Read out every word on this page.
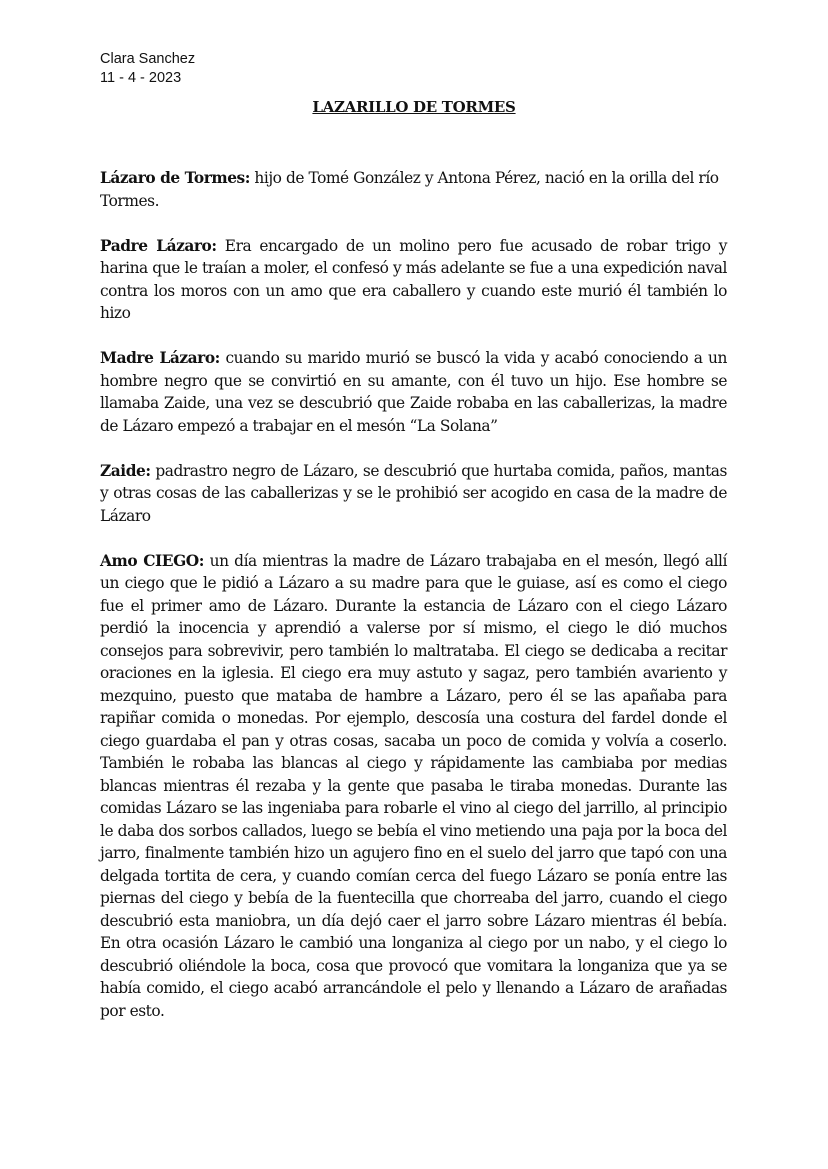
Clara Sanchez
11 - 4 - 2023
LAZARILLO DE TORMES

Lázaro de Tormes: hijo de Tomé González y Antona Pérez, nació en la orilla del río Tormes.

Padre Lázaro: Era encargado de un molino pero fue acusado de robar trigo y harina que le traían a moler, el confesó y más adelante se fue a una expedición naval contra los moros con un amo que era caballero y cuando este murió él también lo hizo

Madre Lázaro: cuando su marido murió se buscó la vida y acabó conociendo a un hombre negro que se convirtió en su amante, con él tuvo un hijo. Ese hombre se llamaba Zaide, una vez se descubrió que Zaide robaba en las caballerizas, la madre de Lázaro empezó a trabajar en el mesón “La Solana”

Zaide: padrastro negro de Lázaro, se descubrió que hurtaba comida, paños, mantas y otras cosas de las caballerizas y se le prohibió ser acogido en casa de la madre de Lázaro

Amo CIEGO: un día mientras la madre de Lázaro trabajaba en el mesón, llegó allí un ciego que le pidió a Lázaro a su madre para que le guiase, así es como el ciego fue el primer amo de Lázaro. Durante la estancia de Lázaro con el ciego Lázaro perdió la inocencia y aprendió a valerse por sí mismo, el ciego le dió muchos consejos para sobrevivir, pero también lo maltrataba. El ciego se dedicaba a recitar oraciones en la iglesia. El ciego era muy astuto y sagaz, pero también avariento y mezquino, puesto que mataba de hambre a Lázaro, pero él se las apañaba para rapiñar comida o monedas. Por ejemplo, descosía una costura del fardel donde el ciego guardaba el pan y otras cosas, sacaba un poco de comida y volvía a coserlo. También le robaba las blancas al ciego y rápidamente las cambiaba por medias blancas mientras él rezaba y la gente que pasaba le tiraba monedas. Durante las comidas Lázaro se las ingeniaba para robarle el vino al ciego del jarrillo, al principio le daba dos sorbos callados, luego se bebía el vino metiendo una paja por la boca del jarro, finalmente también hizo un agujero fino en el suelo del jarro que tapó con una delgada tortita de cera, y cuando comían cerca del fuego Lázaro se ponía entre las piernas del ciego y bebía de la fuentecilla que chorreaba del jarro, cuando el ciego descubrió esta maniobra, un día dejó caer el jarro sobre Lázaro mientras él bebía. En otra ocasión Lázaro le cambió una longaniza al ciego por un nabo, y el ciego lo descubrió oliéndole la boca, cosa que provocó que vomitara la longaniza que ya se había comido, el ciego acabó arrancándole el pelo y llenando a Lázaro de arañadas por esto.
